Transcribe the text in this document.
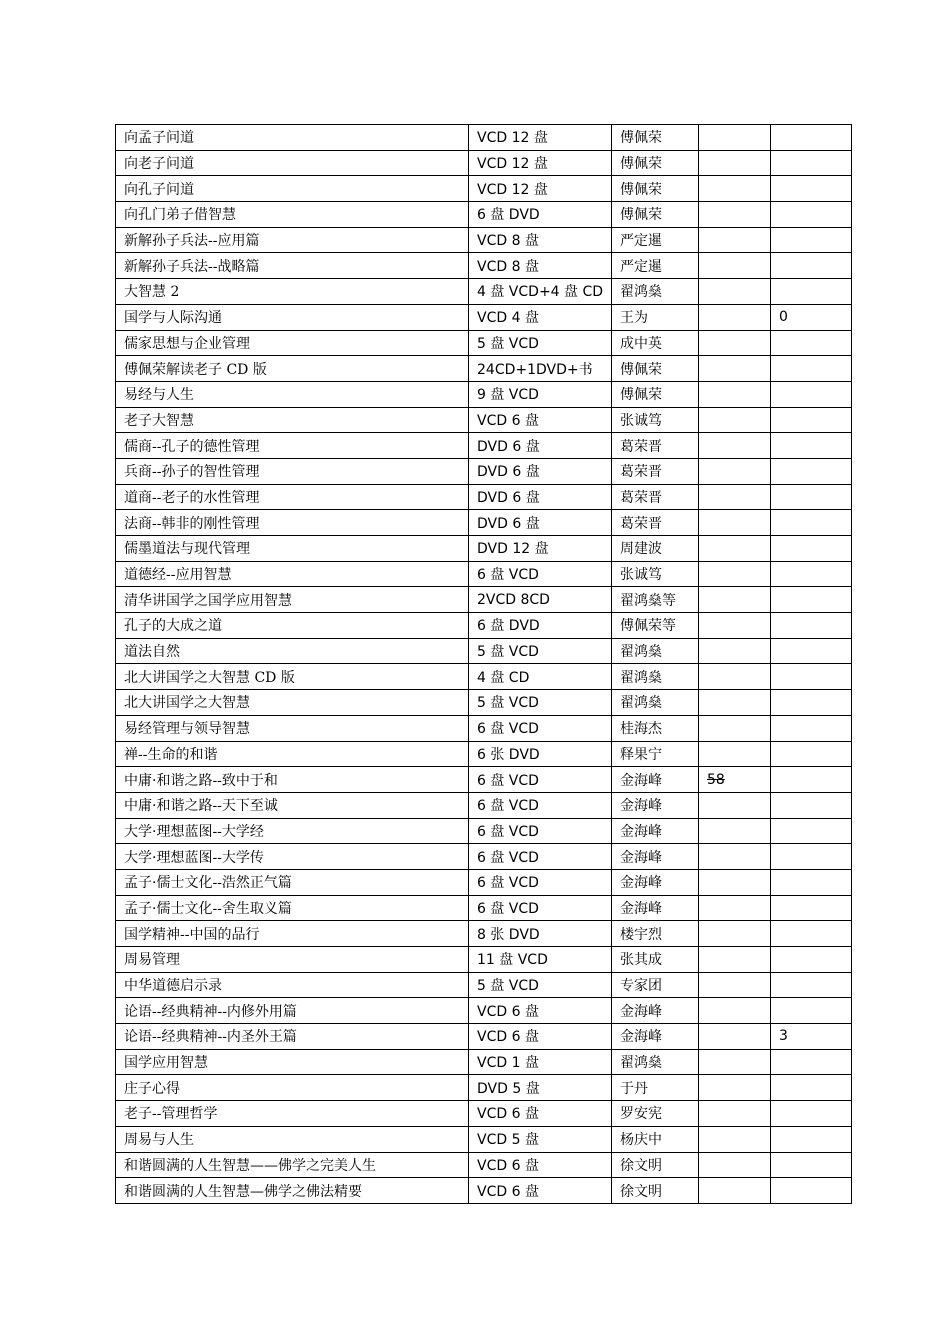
向孟子问道	VCD 12 盘	傅佩荣		
向老子问道	VCD 12 盘	傅佩荣		
向孔子问道	VCD 12 盘	傅佩荣		
向孔门弟子借智慧	6 盘 DVD	傅佩荣		
新解孙子兵法--应用篇	VCD 8 盘	严定暹		
新解孙子兵法--战略篇	VCD 8 盘	严定暹		
大智慧 2	4 盘 VCD+4 盘 CD	翟鸿燊		
国学与人际沟通	VCD 4 盘	王为		0
儒家思想与企业管理	5 盘 VCD	成中英		
傅佩荣解读老子 CD 版	24CD+1DVD+书	傅佩荣		
易经与人生	9 盘 VCD	傅佩荣		
老子大智慧	VCD 6 盘	张诚笃		
儒商--孔子的德性管理	DVD 6 盘	葛荣晋		
兵商--孙子的智性管理	DVD 6 盘	葛荣晋		
道商--老子的水性管理	DVD 6 盘	葛荣晋		
法商--韩非的刚性管理	DVD 6 盘	葛荣晋		
儒墨道法与现代管理	DVD 12 盘	周建波		
道德经--应用智慧	6 盘 VCD	张诚笃		
清华讲国学之国学应用智慧	2VCD 8CD	翟鸿燊等		
孔子的大成之道	6 盘 DVD	傅佩荣等		
道法自然	5 盘 VCD	翟鸿燊		
北大讲国学之大智慧 CD 版	4 盘 CD	翟鸿燊		
北大讲国学之大智慧	5 盘 VCD	翟鸿燊		
易经管理与领导智慧	6 盘 VCD	桂海杰		
禅--生命的和谐	6 张 DVD	释果宁		
中庸·和谐之路--致中于和	6 盘 VCD	金海峰	58	
中庸·和谐之路--天下至诚	6 盘 VCD	金海峰		
大学·理想蓝图--大学经	6 盘 VCD	金海峰		
大学·理想蓝图--大学传	6 盘 VCD	金海峰		
孟子·儒士文化--浩然正气篇	6 盘 VCD	金海峰		
孟子·儒士文化--舍生取义篇	6 盘 VCD	金海峰		
国学精神--中国的品行	8 张 DVD	楼宇烈		
周易管理	11 盘 VCD	张其成		
中华道德启示录	5 盘 VCD	专家团		
论语--经典精神--内修外用篇	VCD 6 盘	金海峰		
论语--经典精神--内圣外王篇	VCD 6 盘	金海峰		3
国学应用智慧	VCD 1 盘	翟鸿燊		
庄子心得	DVD 5 盘	于丹		
老子--管理哲学	VCD 6 盘	罗安宪		
周易与人生	VCD 5 盘	杨庆中		
和谐圆满的人生智慧——佛学之完美人生	VCD 6 盘	徐文明		
和谐圆满的人生智慧—佛学之佛法精要	VCD 6 盘	徐文明		
